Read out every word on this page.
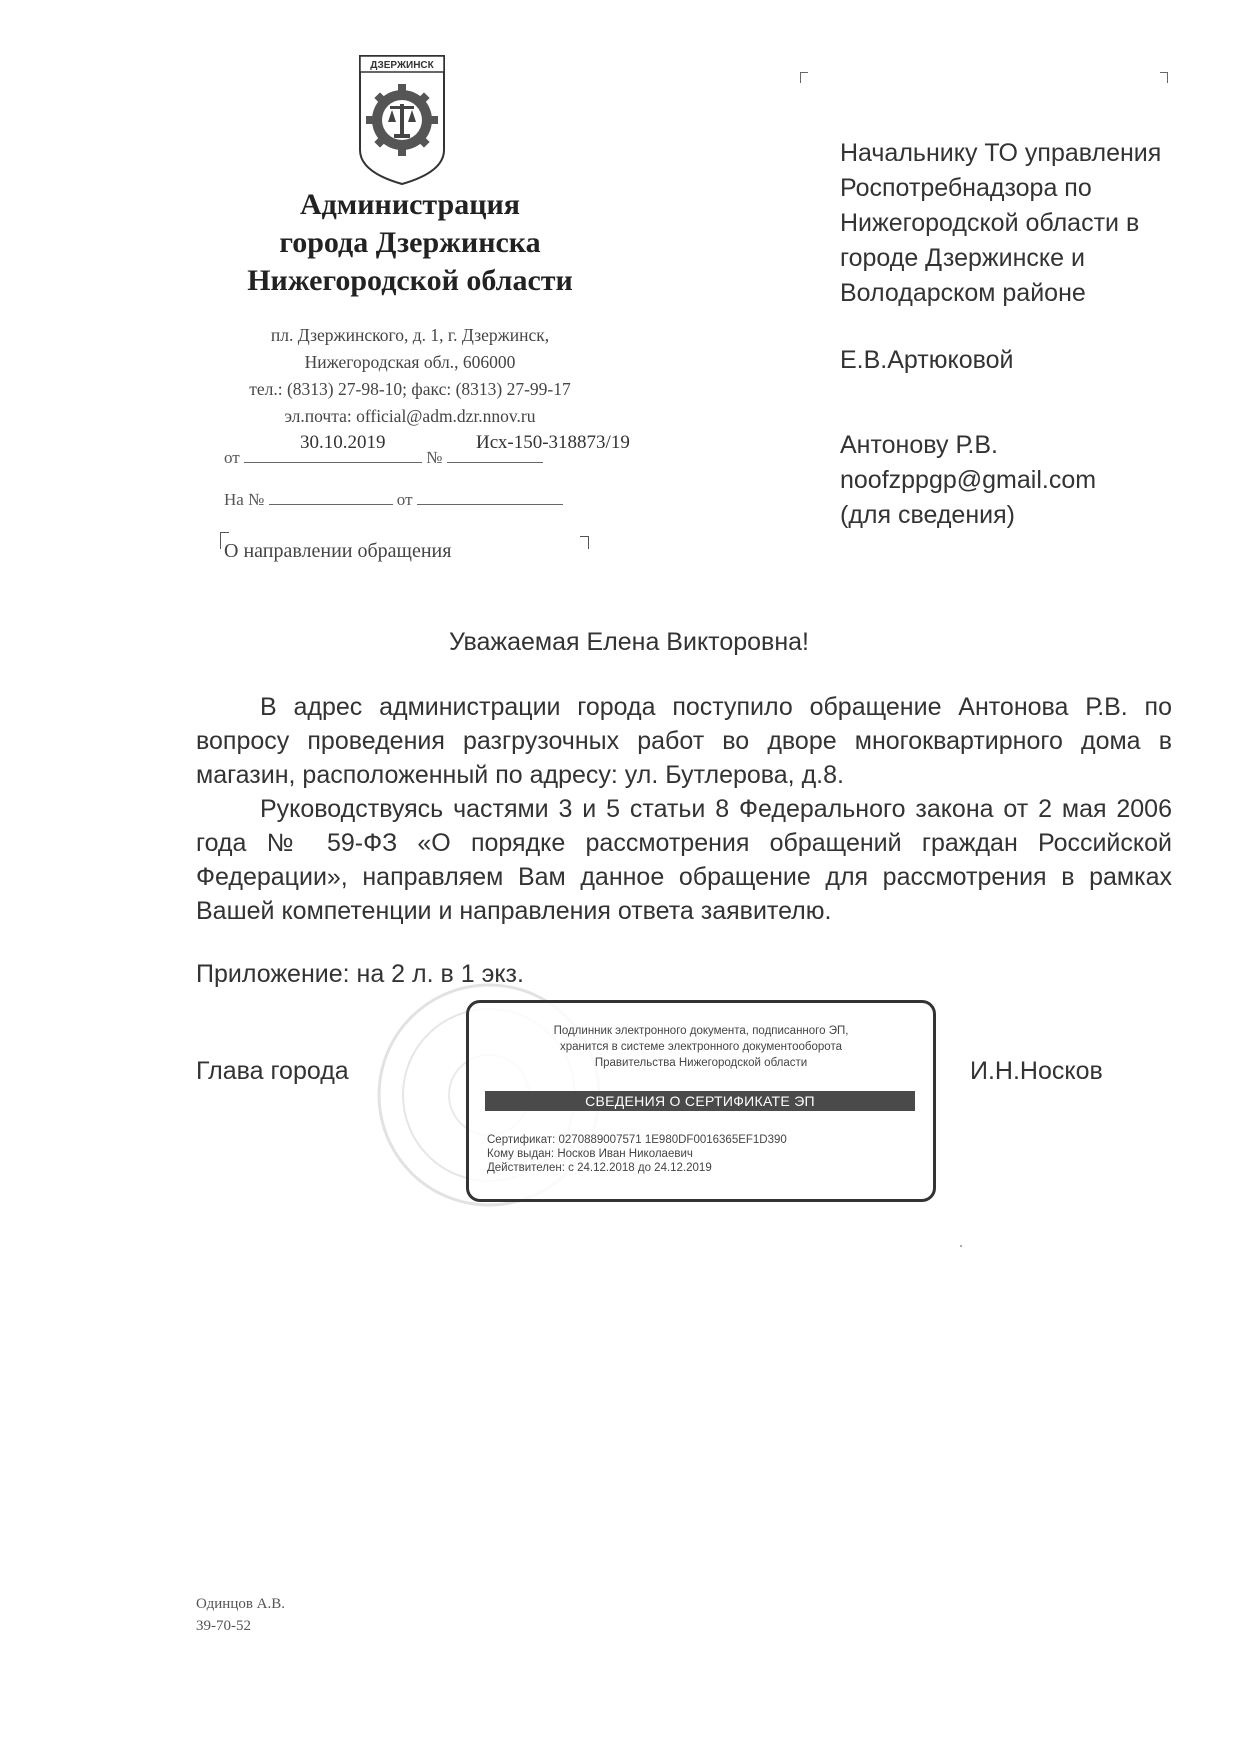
ДЗЕРЖИНСК
Администрация
города Дзержинска
Нижегородской области
пл. Дзержинского, д. 1, г. Дзержинск,
Нижегородская обл., 606000
тел.: (8313) 27-98-10; факс: (8313) 27-99-17
эл.почта: official@adm.dzr.nnov.ru
30.10.2019	Исх-150-318873/19
от	№
На №	от
О направлении обращения

Начальнику ТО управления

Роспотребнадзора по

Нижегородской области в

городе Дзержинске и

Володарском районе

Е.В.Артюковой

Антонову Р.В.

noofzppgp@gmail.com

(для сведения)

Уважаемая Елена Викторовна!

В адрес администрации города поступило обращение Антонова Р.В. по вопросу проведения разгрузочных работ во дворе многоквартирного дома в магазин, расположенный по адресу: ул. Бутлерова, д.8.

Руководствуясь частями 3 и 5 статьи 8 Федерального закона от 2 мая 2006 года № 59-ФЗ «О порядке рассмотрения обращений граждан Российской Федерации», направляем Вам данное обращение для рассмотрения в рамках Вашей компетенции и направления ответа заявителю.

Приложение: на 2 л. в 1 экз.
Глава города	И.Н.Носков
Подлинник электронного документа, подписанного ЭП,
хранится в системе электронного документооборота
Правительства Нижегородской области
СВЕДЕНИЯ О СЕРТИФИКАТЕ ЭП
Сертификат: 0270889007571 1E980DF0016365EF1D390
Кому выдан: Носков Иван Николаевич
Действителен: с 24.12.2018 до 24.12.2019
Одинцов А.В.
39-70-52
